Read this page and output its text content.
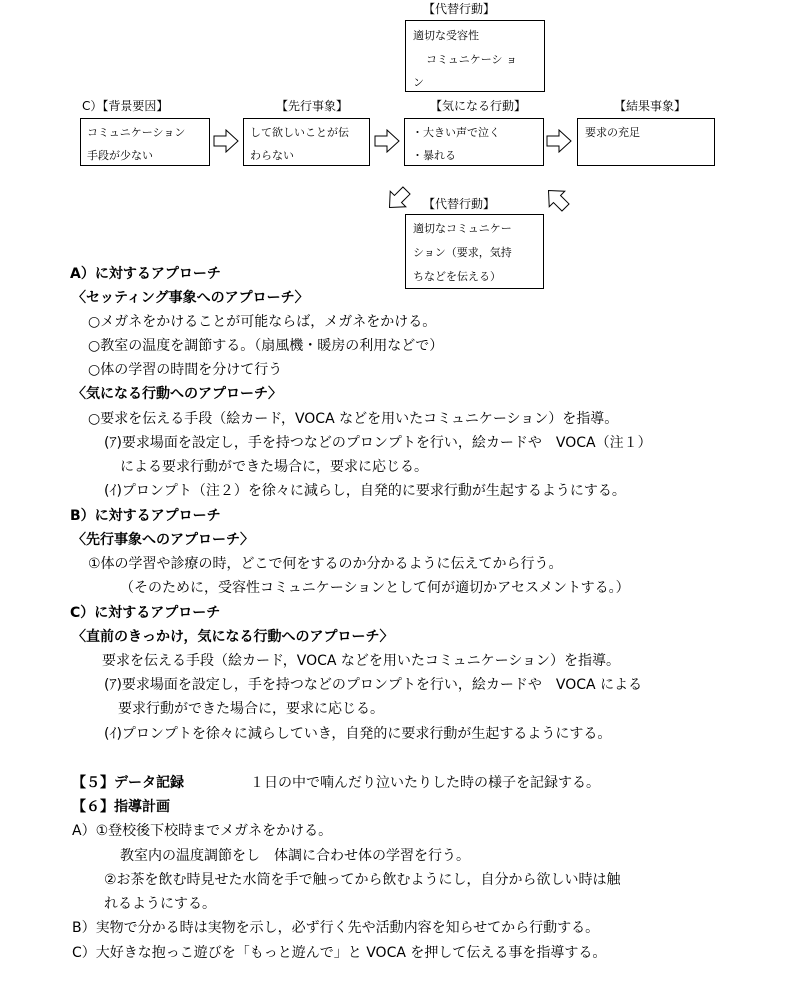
【代替行動】
適切な受容性
コミュニケーシ ョ
ン
C）【背景要因】	【先行事象】	【気になる行動】	【結果事象】
コミュニケーション
手段が少ない
して欲しいことが伝
わらない
・大きい声で泣く
・暴れる
要求の充足
【代替行動】
適切なコミュニケー
ション（要求，気持
ちなどを伝える）
A）に対するアプローチ
〈セッティング事象へのアプローチ〉
○メガネをかけることが可能ならば，メガネをかける。
○教室の温度を調節する。（扇風機・暖房の利用などで）
○体の学習の時間を分けて行う
〈気になる行動へのアプローチ〉
○要求を伝える手段（絵カード，VOCA などを用いたコミュニケーション）を指導。
(ｱ)要求場面を設定し，手を持つなどのプロンプトを行い，絵カードや　VOCA（注１）
による要求行動ができた場合に，要求に応じる。
(ｲ)プロンプト（注２）を徐々に減らし，自発的に要求行動が生起するようにする。
B）に対するアプローチ
〈先行事象へのアプローチ〉
①体の学習や診療の時，どこで何をするのか分かるように伝えてから行う。
（そのために，受容性コミュニケーションとして何が適切かアセスメントする。）
C）に対するアプローチ
〈直前のきっかけ，気になる行動へのアプローチ〉
要求を伝える手段（絵カード，VOCA などを用いたコミュニケーション）を指導。
(ｱ)要求場面を設定し，手を持つなどのプロンプトを行い，絵カードや　VOCA による
要求行動ができた場合に，要求に応じる。
(ｲ)プロンプトを徐々に減らしていき，自発的に要求行動が生起するようにする。
【５】データ記録	１日の中で喃んだり泣いたりした時の様子を記録する。
【６】指導計画
A）①登校後下校時までメガネをかける。
教室内の温度調節をし　体調に合わせ体の学習を行う。
②お茶を飲む時見せた水筒を手で触ってから飲むようにし，自分から欲しい時は触
れるようにする。
B）実物で分かる時は実物を示し，必ず行く先や活動内容を知らせてから行動する。
C）大好きな抱っこ遊びを「もっと遊んで」と VOCA を押して伝える事を指導する。
